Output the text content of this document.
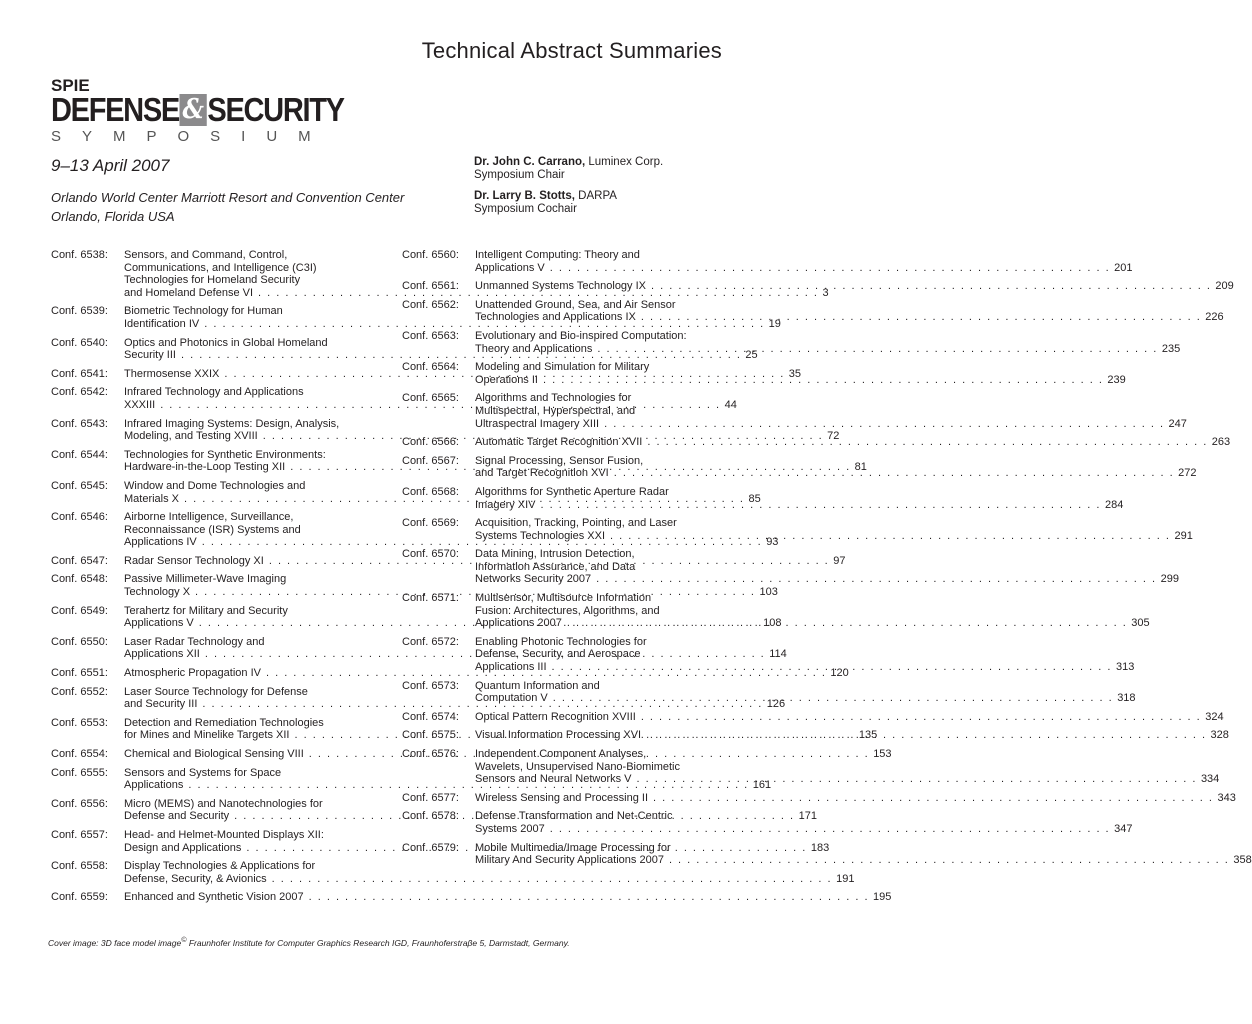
Technical Abstract Summaries
SPIE
DEFENSE & SECURITY
SYMPOSIUM
9–13 April 2007
Orlando World Center Marriott Resort and Convention Center
Orlando, Florida USA
Dr. John C. Carrano, Luminex Corp.
Symposium Chair
Dr. Larry B. Stotts, DARPA
Symposium Cochair
Conf. 6538:	Sensors, and Command, Control,
Communications, and Intelligence (C3I)
Technologies for Homeland Security
and Homeland Defense VI . . .	3
Conf. 6539:	Biometric Technology for Human
Identification IV . . .	19
Conf. 6540:	Optics and Photonics in Global Homeland
Security III . . .	25
Conf. 6541:	Thermosense XXIX . . .	35
Conf. 6542:	Infrared Technology and Applications
XXXIII . . .	44
Conf. 6543:	Infrared Imaging Systems: Design, Analysis,
Modeling, and Testing XVIII . . .	72
Conf. 6544:	Technologies for Synthetic Environments:
Hardware-in-the-Loop Testing XII . . .	81
Conf. 6545:	Window and Dome Technologies and
Materials X . . .	85
Conf. 6546:	Airborne Intelligence, Surveillance,
Reconnaissance (ISR) Systems and
Applications IV . . .	93
Conf. 6547:	Radar Sensor Technology XI . . .	97
Conf. 6548:	Passive Millimeter-Wave Imaging
Technology X . . .	103
Conf. 6549:	Terahertz for Military and Security
Applications V . . .	108
Conf. 6550:	Laser Radar Technology and
Applications XII . . .	114
Conf. 6551:	Atmospheric Propagation IV . . .	120
Conf. 6552:	Laser Source Technology for Defense
and Security III . . .	126
Conf. 6553:	Detection and Remediation Technologies
for Mines and Minelike Targets XII . . .	135
Conf. 6554:	Chemical and Biological Sensing VIII . . .	153
Conf. 6555:	Sensors and Systems for Space
Applications . . .	161
Conf. 6556:	Micro (MEMS) and Nanotechnologies for
Defense and Security . . .	171
Conf. 6557:	Head- and Helmet-Mounted Displays XII:
Design and Applications . . .	183
Conf. 6558:	Display Technologies & Applications for
Defense, Security, & Avionics . . .	191
Conf. 6559:	Enhanced and Synthetic Vision 2007 . . .	195
Conf. 6560:	Intelligent Computing: Theory and
Applications V . . .	201
Conf. 6561:	Unmanned Systems Technology IX . . .	209
Conf. 6562:	Unattended Ground, Sea, and Air Sensor
Technologies and Applications IX . . .	226
Conf. 6563:	Evolutionary and Bio-inspired Computation:
Theory and Applications . . .	235
Conf. 6564:	Modeling and Simulation for Military
Operations II . . .	239
Conf. 6565:	Algorithms and Technologies for
Multispectral, Hyperspectral, and
Ultraspectral Imagery XIII . . .	247
Conf. 6566:	Automatic Target Recognition XVII . . .	263
Conf. 6567:	Signal Processing, Sensor Fusion,
and Target Recognition XVI . . .	272
Conf. 6568:	Algorithms for Synthetic Aperture Radar
Imagery XIV . . .	284
Conf. 6569:	Acquisition, Tracking, Pointing, and Laser
Systems Technologies XXI . . .	291
Conf. 6570:	Data Mining, Intrusion Detection,
Information Assurance, and Data
Networks Security 2007 . . .	299
Conf. 6571:	Multisensor, Multisource Information
Fusion: Architectures, Algorithms, and
Applications 2007 . . .	305
Conf. 6572:	Enabling Photonic Technologies for
Defense, Security, and Aerospace
Applications III . . .	313
Conf. 6573:	Quantum Information and
Computation V . . .	318
Conf. 6574:	Optical Pattern Recognition XVIII . . .	324
Conf. 6575:	Visual Information Processing XVI . . .	328
Conf. 6576:	Independent Component Analyses,
Wavelets, Unsupervised Nano-Biomimetic
Sensors and Neural Networks V . . .	334
Conf. 6577:	Wireless Sensing and Processing II . . .	343
Conf. 6578:	Defense Transformation and Net-Centric
Systems 2007 . . .	347
Conf. 6579:	Mobile Multimedia/Image Processing for
Military And Security Applications 2007 . . .	358
Cover image: 3D face model image© Fraunhofer Institute for Computer Graphics Research IGD, Fraunhoferstraβe 5, Darmstadt, Germany.
